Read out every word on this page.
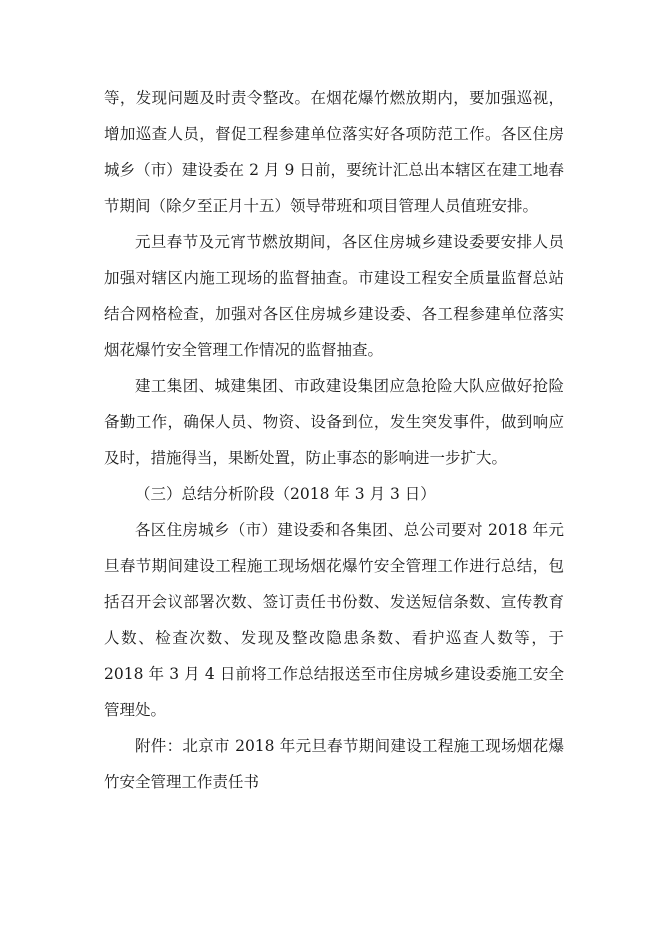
等，发现问题及时责令整改。在烟花爆竹燃放期内，要加强巡视，增加巡查人员，督促工程参建单位落实好各项防范工作。各区住房城乡（市）建设委在 2 月 9 日前，要统计汇总出本辖区在建工地春节期间（除夕至正月十五）领导带班和项目管理人员值班安排。

元旦春节及元宵节燃放期间，各区住房城乡建设委要安排人员加强对辖区内施工现场的监督抽查。市建设工程安全质量监督总站结合网格检查，加强对各区住房城乡建设委、各工程参建单位落实烟花爆竹安全管理工作情况的监督抽查。

建工集团、城建集团、市政建设集团应急抢险大队应做好抢险备勤工作，确保人员、物资、设备到位，发生突发事件，做到响应及时，措施得当，果断处置，防止事态的影响进一步扩大。

（三）总结分析阶段（2018 年 3 月 3 日）

各区住房城乡（市）建设委和各集团、总公司要对 2018 年元旦春节期间建设工程施工现场烟花爆竹安全管理工作进行总结，包括召开会议部署次数、签订责任书份数、发送短信条数、宣传教育人数、检查次数、发现及整改隐患条数、看护巡查人数等，于 2018 年 3 月 4 日前将工作总结报送至市住房城乡建设委施工安全管理处。

附件：北京市 2018 年元旦春节期间建设工程施工现场烟花爆竹安全管理工作责任书
